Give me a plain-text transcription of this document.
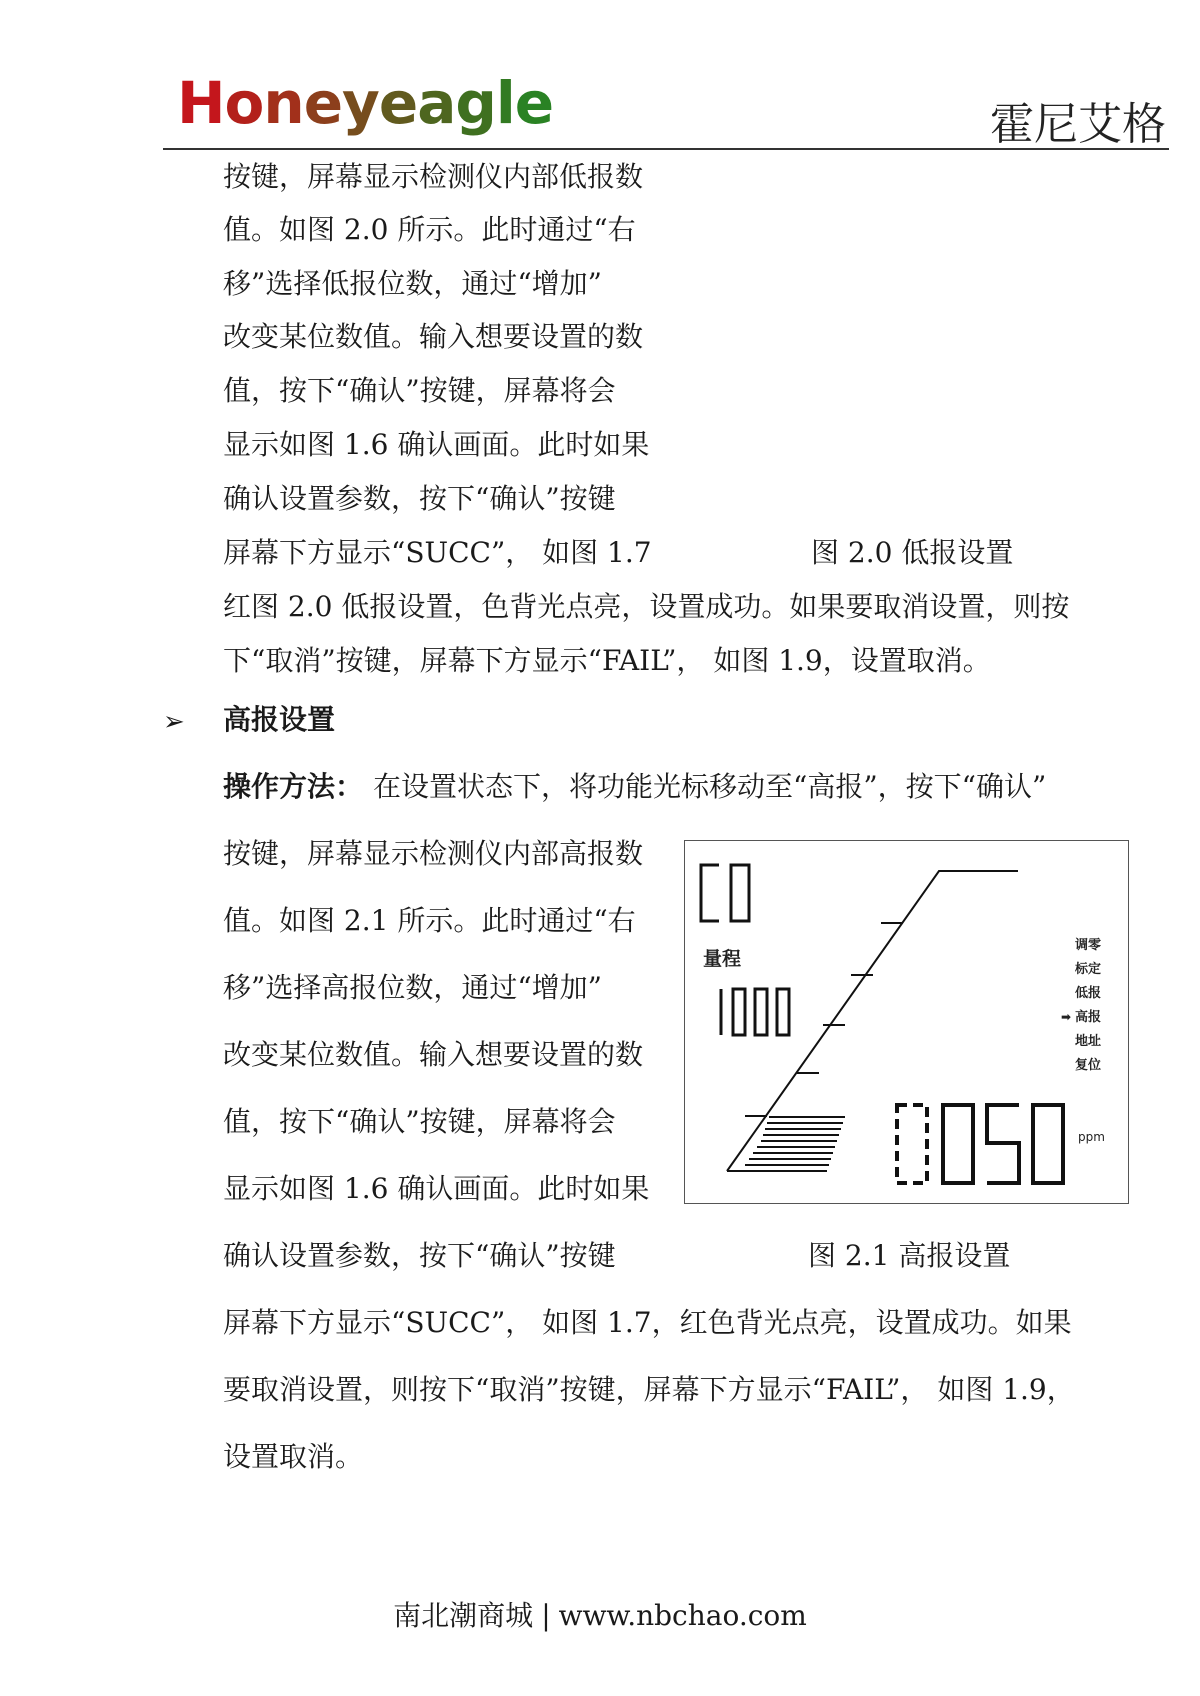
Honeyeagle	霍尼艾格
按键，屏幕显示检测仪内部低报数
值。如图 2.0 所示。此时通过“右
移”选择低报位数，通过“增加”
改变某位数值。输入想要设置的数
值，按下“确认”按键，屏幕将会
显示如图 1.6 确认画面。此时如果
确认设置参数，按下“确认”按键
屏幕下方显示“SUCC”， 如图 1.7	图 2.0 低报设置
红图 2.0 低报设置，色背光点亮，设置成功。如果要取消设置，则按
下“取消”按键，屏幕下方显示“FAIL”， 如图 1.9，设置取消。
➢ 高报设置
操作方法： 在设置状态下，将功能光标移动至“高报”，按下“确认”
按键，屏幕显示检测仪内部高报数
值。如图 2.1 所示。此时通过“右
移”选择高报位数，通过“增加”
改变某位数值。输入想要设置的数
值，按下“确认”按键，屏幕将会
显示如图 1.6 确认画面。此时如果
确认设置参数，按下“确认”按键	图 2.1 高报设置
屏幕下方显示“SUCC”， 如图 1.7，红色背光点亮，设置成功。如果
要取消设置，则按下“取消”按键，屏幕下方显示“FAIL”， 如图 1.9，
设置取消。
量程
ppm
调零
标定
低报
➡ 高报
地址
复位
南北潮商城 | www.nbchao.com
